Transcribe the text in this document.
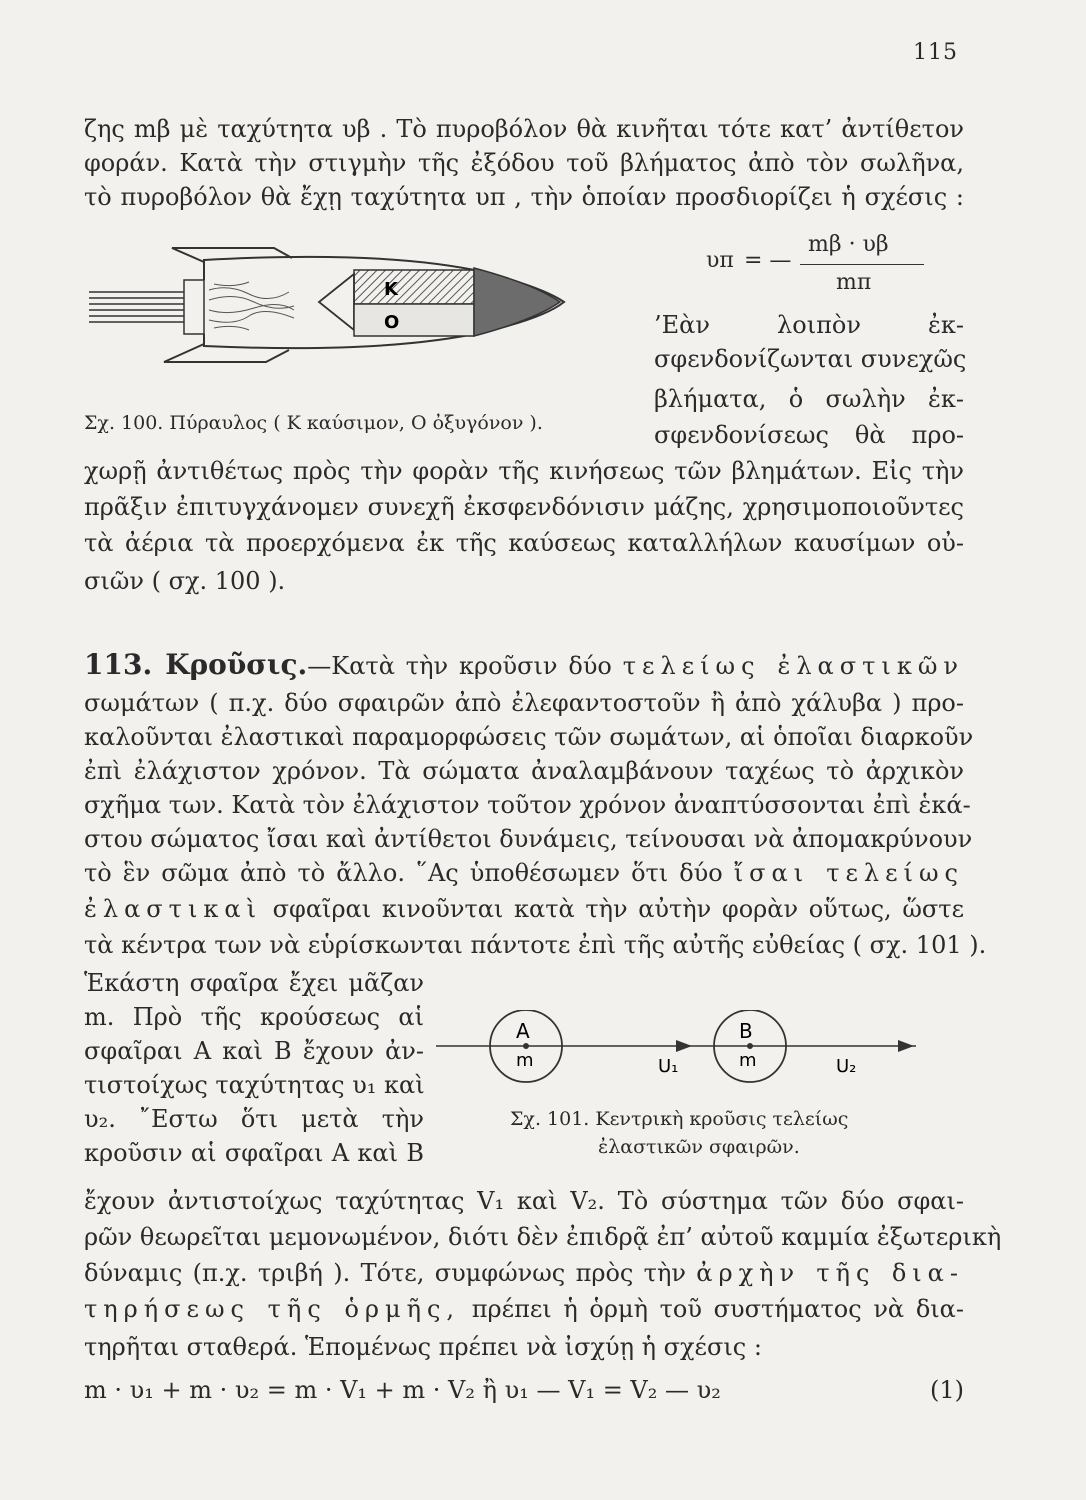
115
ζης mβ μὲ ταχύτητα υβ . Τὸ πυροβόλον θὰ κινῆται τότε κατ’ ἀντίθετον
φοράν. Κατὰ τὴν στιγμὴν τῆς ἐξόδου τοῦ βλήματος ἀπὸ τὸν σωλῆνα,
τὸ πυροβόλον θὰ ἔχῃ ταχύτητα υπ , τὴν ὁποίαν προσδιορίζει ἡ σχέσις :
υπ = —
mβ · υβ
mπ
K
O
Σχ. 100. Πύραυλος ( Κ καύσιμον, Ο ὀξυγόνον ).
’Εὰν λοιπὸν ἐκ-
σφενδονίζωνται συνεχῶς
βλήματα, ὁ σωλὴν ἐκ-
σφενδονίσεως θὰ προ-
χωρῇ ἀντιθέτως πρὸς τὴν φορὰν τῆς κινήσεως τῶν βλημάτων. Εἰς τὴν
πρᾶξιν ἐπιτυγχάνομεν συνεχῆ ἐκσφενδόνισιν μάζης, χρησιμοποιοῦντες
τὰ ἀέρια τὰ προερχόμενα ἐκ τῆς καύσεως καταλλήλων καυσίμων οὐ-
σιῶν ( σχ. 100 ).
113. Κροῦσις.—Κατὰ τὴν κροῦσιν δύο τελείως ἐλαστικῶν
σωμάτων ( π.χ. δύο σφαιρῶν ἀπὸ ἐλεφαντοστοῦν ἢ ἀπὸ χάλυβα ) προ-
καλοῦνται ἐλαστικαὶ παραμορφώσεις τῶν σωμάτων, αἱ ὁποῖαι διαρκοῦν
ἐπὶ ἐλάχιστον χρόνον. Τὰ σώματα ἀναλαμβάνουν ταχέως τὸ ἀρχικὸν
σχῆμα των. Κατὰ τὸν ἐλάχιστον τοῦτον χρόνον ἀναπτύσσονται ἐπὶ ἑκά-
στου σώματος ἴσαι καὶ ἀντίθετοι δυνάμεις, τείνουσαι νὰ ἀπομακρύνουν
τὸ ἓν σῶμα ἀπὸ τὸ ἄλλο. ῞Ας ὑποθέσωμεν ὅτι δύο ἴσαι τελείως
ἐλαστικαὶ σφαῖραι κινοῦνται κατὰ τὴν αὐτὴν φορὰν οὕτως, ὥστε
τὰ κέντρα των νὰ εὑρίσκωνται πάντοτε ἐπὶ τῆς αὐτῆς εὐθείας ( σχ. 101 ).
Ἑκάστη σφαῖρα ἔχει μᾶζαν
m. Πρὸ τῆς κρούσεως αἱ
σφαῖραι Α καὶ Β ἔχουν ἀν-
τιστοίχως ταχύτητας υ₁ καὶ
υ₂. ῎Εστω ὅτι μετὰ τὴν
κροῦσιν αἱ σφαῖραι Α καὶ Β
A	B
m	m
U₁	U₂
Σχ. 101. Κεντρικὴ κροῦσις τελείως
ἐλαστικῶν σφαιρῶν.
ἔχουν ἀντιστοίχως ταχύτητας V₁ καὶ V₂. Τὸ σύστημα τῶν δύο σφαι-
ρῶν θεωρεῖται μεμονωμένον, διότι δὲν ἐπιδρᾷ ἐπ’ αὐτοῦ καμμία ἐξωτερικὴ
δύναμις (π.χ. τριβή ). Τότε, συμφώνως πρὸς τὴν ἀρχὴν τῆς δια-
τηρήσεως τῆς ὁρμῆς, πρέπει ἡ ὁρμὴ τοῦ συστήματος νὰ δια-
τηρῆται σταθερά. Ἑπομένως πρέπει νὰ ἰσχύῃ ἡ σχέσις :
m · υ₁ + m · υ₂ = m · V₁ + m · V₂ ἢ υ₁ — V₁ = V₂ — υ₂	(1)
